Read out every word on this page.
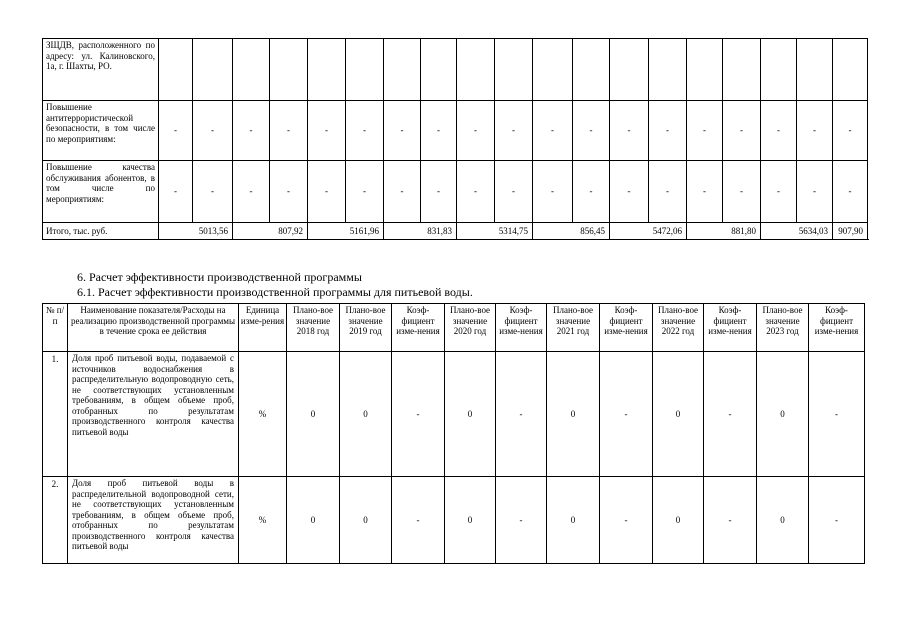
ЗЩДВ, расположенного по адресу: ул. Калиновского, 1а, г. Шахты, РО.																			
Повышение антитеррористической безопасности, в том числе по мероприятиям:	-	-	-	-	-	-	-	-	-	-	-	-	-	-	-	-	-	-	-
Повышение качества обслуживания абонентов, в том числе по мероприятиям:	-	-	-	-	-	-	-	-	-	-	-	-	-	-	-	-	-	-	-
Итого, тыс. руб.	5013,56		807,92		5161,96		831,83		5314,75		856,45		5472,06		881,80		5634,03		907,90
6. Расчет эффективности производственной программы
6.1. Расчет эффективности производственной программы для питьевой воды.
№ п/п	Наименование показателя/Расходы на реализацию производственной программы в течение срока ее действия	Единица изме-рения	Плано-вое значение 2018 год	Плано-вое значение 2019 год	Коэф-фициент изме-нения	Плано-вое значение 2020 год	Коэф-фициент изме-нения	Плано-вое значение 2021 год	Коэф-фициент изме-нения	Плано-вое значение 2022 год	Коэф-фициент изме-нения	Плано-вое значение 2023 год	Коэф-фициент изме-нения
1.	Доля проб питьевой воды, подаваемой с источников водоснабжения в распределительную водопроводную сеть, не соответствующих установленным требованиям, в общем объеме проб, отобранных по результатам производственного контроля качества питьевой воды	%	0	0	-	0	-	0	-	0	-	0	-
2.	Доля проб питьевой воды в распределительной водопроводной сети, не соответствующих установленным требованиям, в общем объеме проб, отобранных по результатам производственного контроля качества питьевой воды	%	0	0	-	0	-	0	-	0	-	0	-
